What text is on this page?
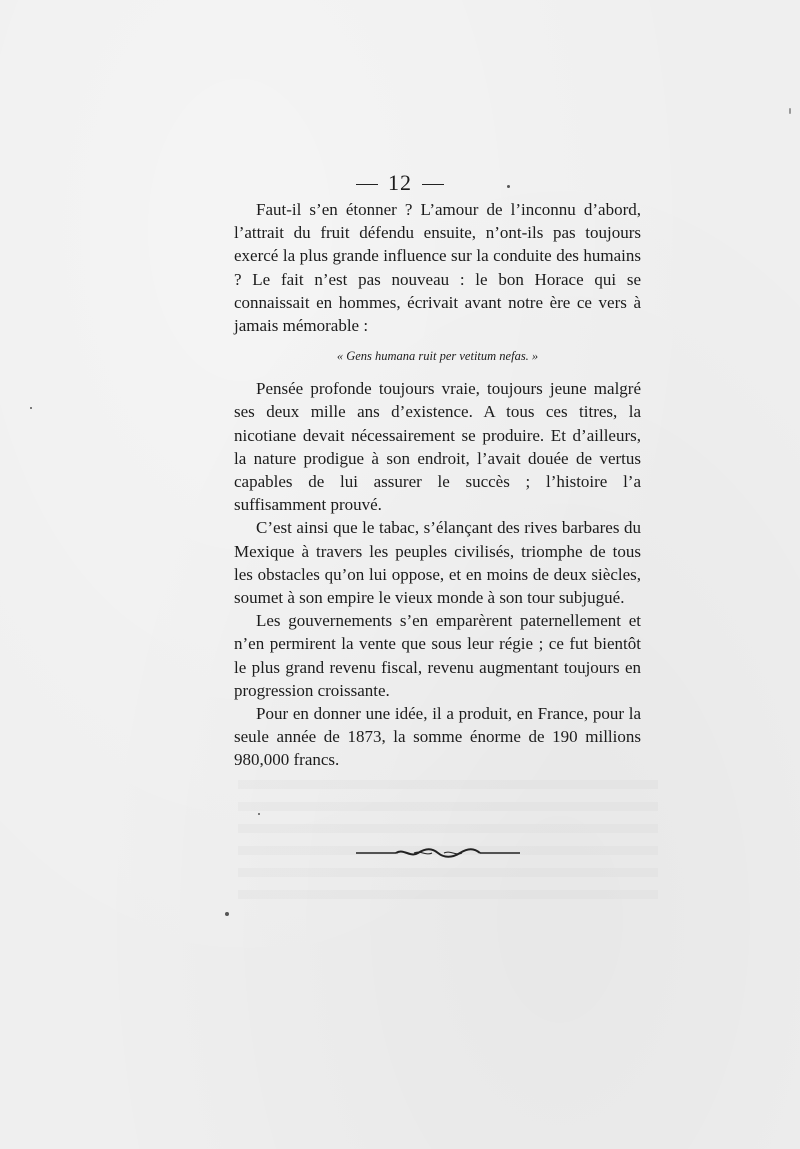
12

Faut-il s’en étonner ? L’amour de l’inconnu d’abord, l’attrait du fruit défendu ensuite, n’ont-ils pas toujours exercé la plus grande influence sur la conduite des humains ? Le fait n’est pas nouveau : le bon Horace qui se connaissait en hommes, écrivait avant notre ère ce vers à jamais mémorable :

« Gens humana ruit per vetitum nefas. »

Pensée profonde toujours vraie, toujours jeune malgré ses deux mille ans d’existence. A tous ces titres, la nicotiane devait nécessairement se produire. Et d’ailleurs, la nature prodigue à son endroit, l’avait douée de vertus capables de lui assurer le succès ; l’histoire l’a suffisamment prouvé.

C’est ainsi que le tabac, s’élançant des rives barbares du Mexique à travers les peuples civilisés, triomphe de tous les obstacles qu’on lui oppose, et en moins de deux siècles, soumet à son empire le vieux monde à son tour subjugué.

Les gouvernements s’en emparèrent paternellement et n’en permirent la vente que sous leur régie ; ce fut bientôt le plus grand revenu fiscal, revenu augmentant toujours en progression croissante.

Pour en donner une idée, il a produit, en France, pour la seule année de 1873, la somme énorme de 190 millions 980,000 francs.
